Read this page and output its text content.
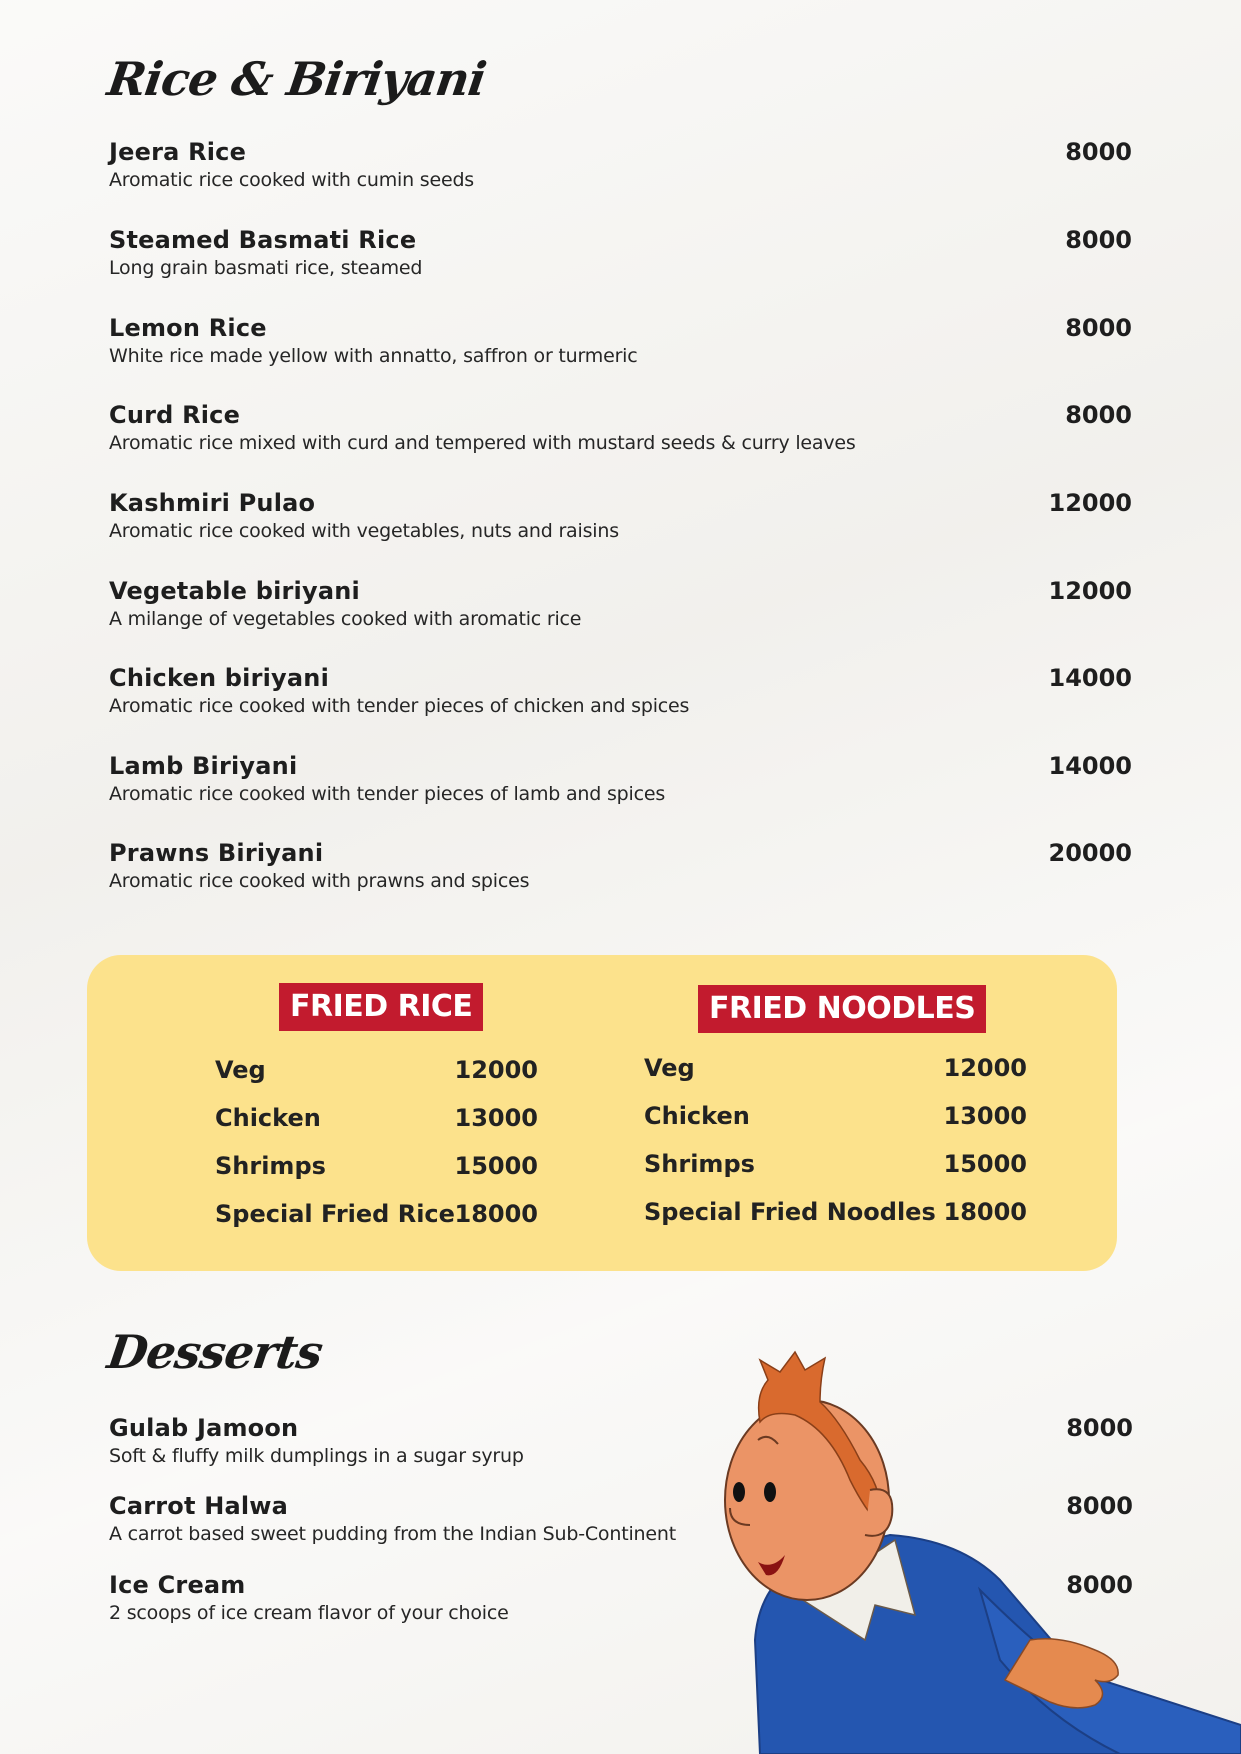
Rice & Biriyani
Jeera Rice
Aromatic rice cooked with cumin seeds
8000
Steamed Basmati Rice
Long grain basmati rice, steamed
8000
Lemon Rice
White rice made yellow with annatto, saffron or turmeric
8000
Curd Rice
Aromatic rice mixed with curd and tempered with mustard seeds & curry leaves
8000
Kashmiri Pulao
Aromatic rice cooked with vegetables, nuts and raisins
12000
Vegetable biriyani
A milange of vegetables cooked with aromatic rice
12000
Chicken biriyani
Aromatic rice cooked with tender pieces of chicken and spices
14000
Lamb Biriyani
Aromatic rice cooked with tender pieces of lamb and spices
14000
Prawns Biriyani
Aromatic rice cooked with prawns and spices
20000
FRIED RICE	FRIED NOODLES
Veg	12000
Chicken	13000
Shrimps	15000
Special Fried Rice 18000
Veg	12000
Chicken	13000
Shrimps	15000
Special Fried Noodles 18000
Desserts
Gulab Jamoon
Soft & fluffy milk dumplings in a sugar syrup
8000
Carrot Halwa
A carrot based sweet pudding from the Indian Sub-Continent
8000
Ice Cream
2 scoops of ice cream flavor of your choice
8000
